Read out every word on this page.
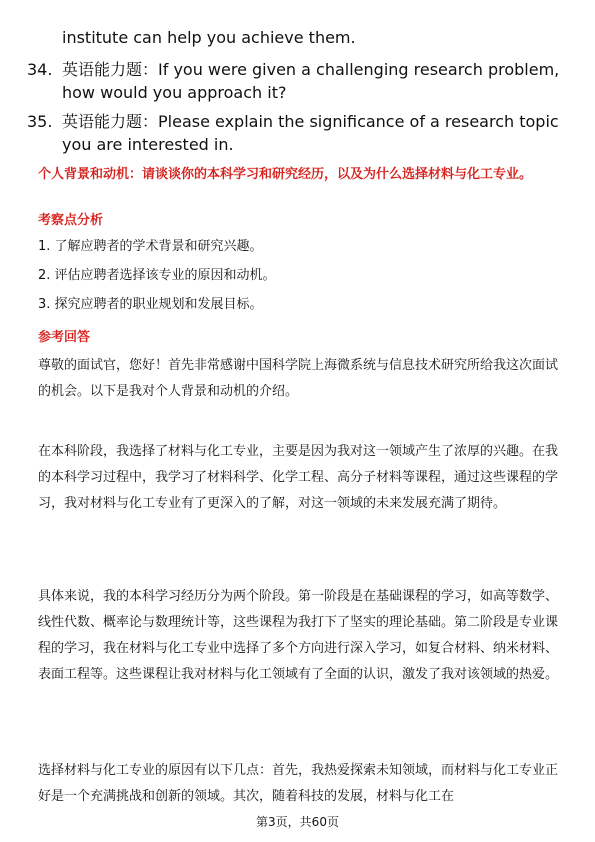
institute can help you achieve them.

34. 英语能力题：If you were given a challenging research problem, how would you approach it?

35. 英语能力题：Please explain the significance of a research topic you are interested in.

个人背景和动机：请谈谈你的本科学习和研究经历，以及为什么选择材料与化工专业。

考察点分析

1. 了解应聘者的学术背景和研究兴趣。

2. 评估应聘者选择该专业的原因和动机。

3. 探究应聘者的职业规划和发展目标。

参考回答

尊敬的面试官，您好！首先非常感谢中国科学院上海微系统与信息技术研究所给我这次面试的机会。以下是我对个人背景和动机的介绍。

在本科阶段，我选择了材料与化工专业，主要是因为我对这一领域产生了浓厚的兴趣。在我的本科学习过程中，我学习了材料科学、化学工程、高分子材料等课程，通过这些课程的学习，我对材料与化工专业有了更深入的了解，对这一领域的未来发展充满了期待。

具体来说，我的本科学习经历分为两个阶段。第一阶段是在基础课程的学习，如高等数学、线性代数、概率论与数理统计等，这些课程为我打下了坚实的理论基础。第二阶段是专业课程的学习，我在材料与化工专业中选择了多个方向进行深入学习，如复合材料、纳米材料、表面工程等。这些课程让我对材料与化工领域有了全面的认识，激发了我对该领域的热爱。

选择材料与化工专业的原因有以下几点：首先，我热爱探索未知领域，而材料与化工专业正好是一个充满挑战和创新的领域。其次，随着科技的发展，材料与化工在

第3页，共60页
